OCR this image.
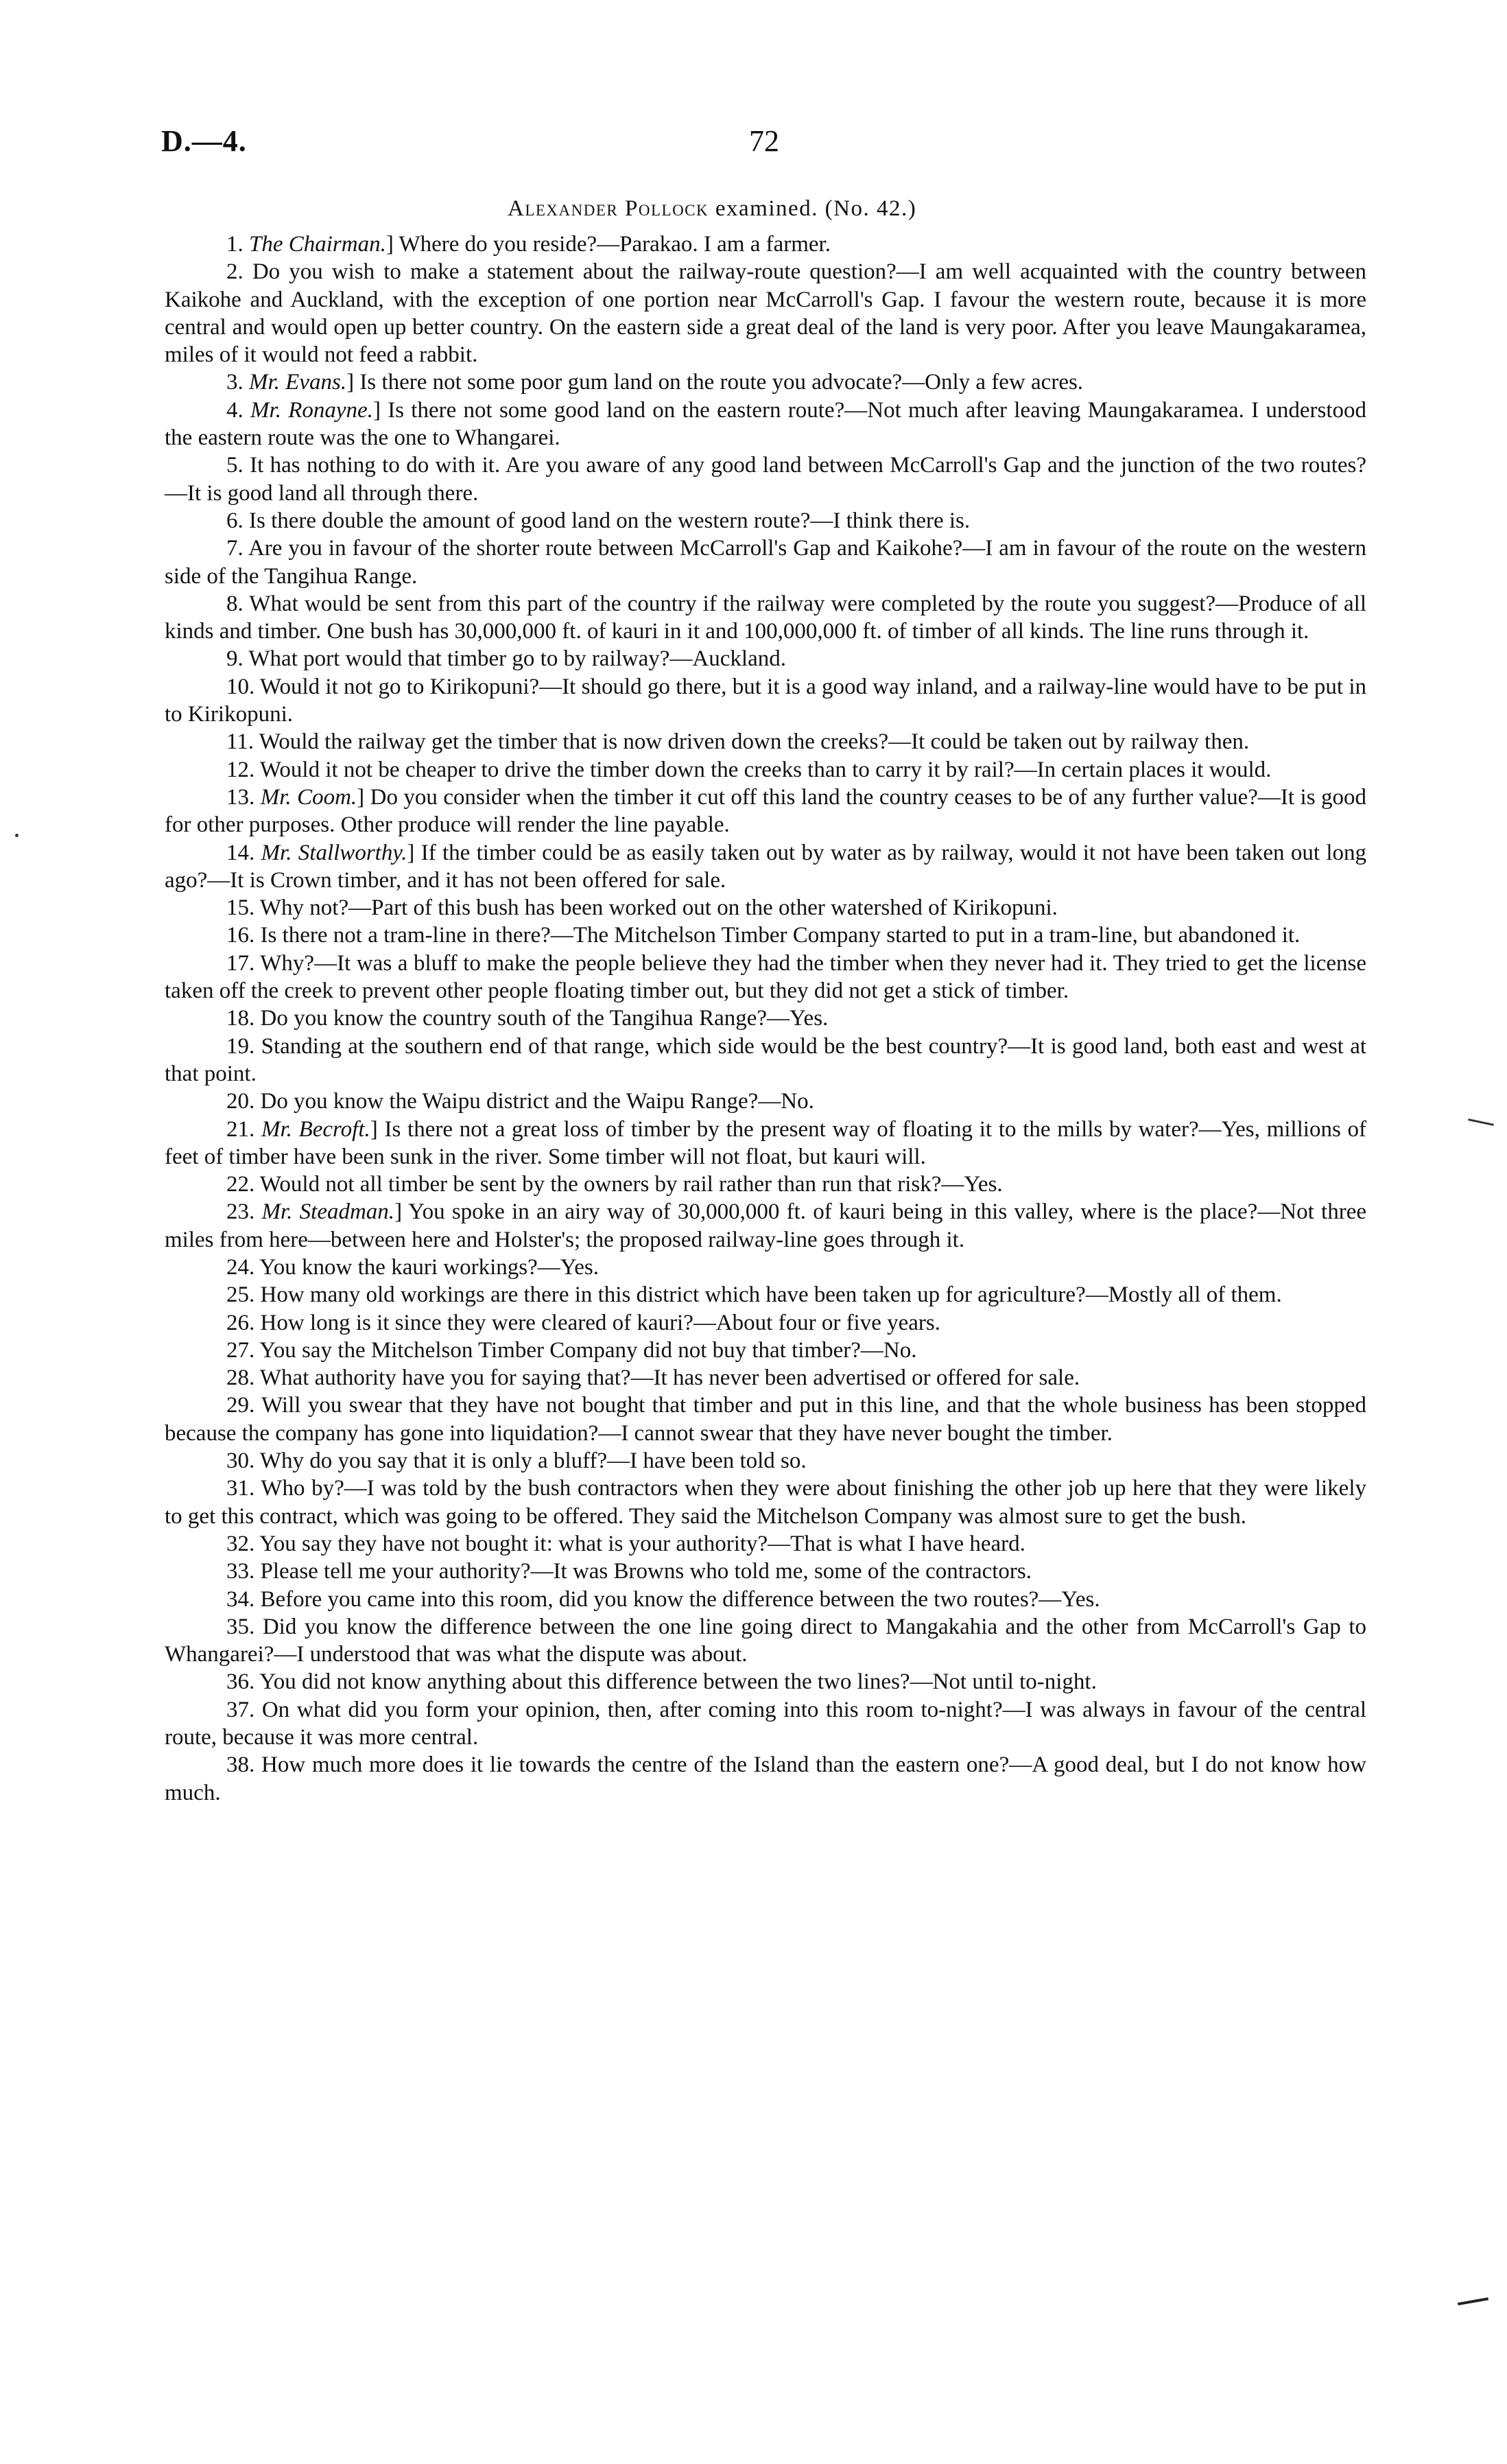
D.—4.	72
Alexander Pollock examined. (No. 42.)

1. The Chairman.] Where do you reside?—Parakao. I am a farmer.

2. Do you wish to make a statement about the railway-route question?—I am well acquainted with the country between Kaikohe and Auckland, with the exception of one portion near McCarroll's Gap. I favour the western route, because it is more central and would open up better country. On the eastern side a great deal of the land is very poor. After you leave Maungakaramea, miles of it would not feed a rabbit.

3. Mr. Evans.] Is there not some poor gum land on the route you advocate?—Only a few acres.

4. Mr. Ronayne.] Is there not some good land on the eastern route?—Not much after leaving Maungakaramea. I understood the eastern route was the one to Whangarei.

5. It has nothing to do with it. Are you aware of any good land between McCarroll's Gap and the junction of the two routes?—It is good land all through there.

6. Is there double the amount of good land on the western route?—I think there is.

7. Are you in favour of the shorter route between McCarroll's Gap and Kaikohe?—I am in favour of the route on the western side of the Tangihua Range.

8. What would be sent from this part of the country if the railway were completed by the route you suggest?—Produce of all kinds and timber. One bush has 30,000,000 ft. of kauri in it and 100,000,000 ft. of timber of all kinds. The line runs through it.

9. What port would that timber go to by railway?—Auckland.

10. Would it not go to Kirikopuni?—It should go there, but it is a good way inland, and a railway-line would have to be put in to Kirikopuni.

11. Would the railway get the timber that is now driven down the creeks?—It could be taken out by railway then.

12. Would it not be cheaper to drive the timber down the creeks than to carry it by rail?—In certain places it would.

13. Mr. Coom.] Do you consider when the timber it cut off this land the country ceases to be of any further value?—It is good for other purposes. Other produce will render the line payable.

14. Mr. Stallworthy.] If the timber could be as easily taken out by water as by railway, would it not have been taken out long ago?—It is Crown timber, and it has not been offered for sale.

15. Why not?—Part of this bush has been worked out on the other watershed of Kirikopuni.

16. Is there not a tram-line in there?—The Mitchelson Timber Company started to put in a tram-line, but abandoned it.

17. Why?—It was a bluff to make the people believe they had the timber when they never had it. They tried to get the license taken off the creek to prevent other people floating timber out, but they did not get a stick of timber.

18. Do you know the country south of the Tangihua Range?—Yes.

19. Standing at the southern end of that range, which side would be the best country?—It is good land, both east and west at that point.

20. Do you know the Waipu district and the Waipu Range?—No.

21. Mr. Becroft.] Is there not a great loss of timber by the present way of floating it to the mills by water?—Yes, millions of feet of timber have been sunk in the river. Some timber will not float, but kauri will.

22. Would not all timber be sent by the owners by rail rather than run that risk?—Yes.

23. Mr. Steadman.] You spoke in an airy way of 30,000,000 ft. of kauri being in this valley, where is the place?—Not three miles from here—between here and Holster's; the proposed railway-line goes through it.

24. You know the kauri workings?—Yes.

25. How many old workings are there in this district which have been taken up for agriculture?—Mostly all of them.

26. How long is it since they were cleared of kauri?—About four or five years.

27. You say the Mitchelson Timber Company did not buy that timber?—No.

28. What authority have you for saying that?—It has never been advertised or offered for sale.

29. Will you swear that they have not bought that timber and put in this line, and that the whole business has been stopped because the company has gone into liquidation?—I cannot swear that they have never bought the timber.

30. Why do you say that it is only a bluff?—I have been told so.

31. Who by?—I was told by the bush contractors when they were about finishing the other job up here that they were likely to get this contract, which was going to be offered. They said the Mitchelson Company was almost sure to get the bush.

32. You say they have not bought it: what is your authority?—That is what I have heard.

33. Please tell me your authority?—It was Browns who told me, some of the contractors.

34. Before you came into this room, did you know the difference between the two routes?—Yes.

35. Did you know the difference between the one line going direct to Mangakahia and the other from McCarroll's Gap to Whangarei?—I understood that was what the dispute was about.

36. You did not know anything about this difference between the two lines?—Not until to-night.

37. On what did you form your opinion, then, after coming into this room to-night?—I was always in favour of the central route, because it was more central.

38. How much more does it lie towards the centre of the Island than the eastern one?—A good deal, but I do not know how much.
